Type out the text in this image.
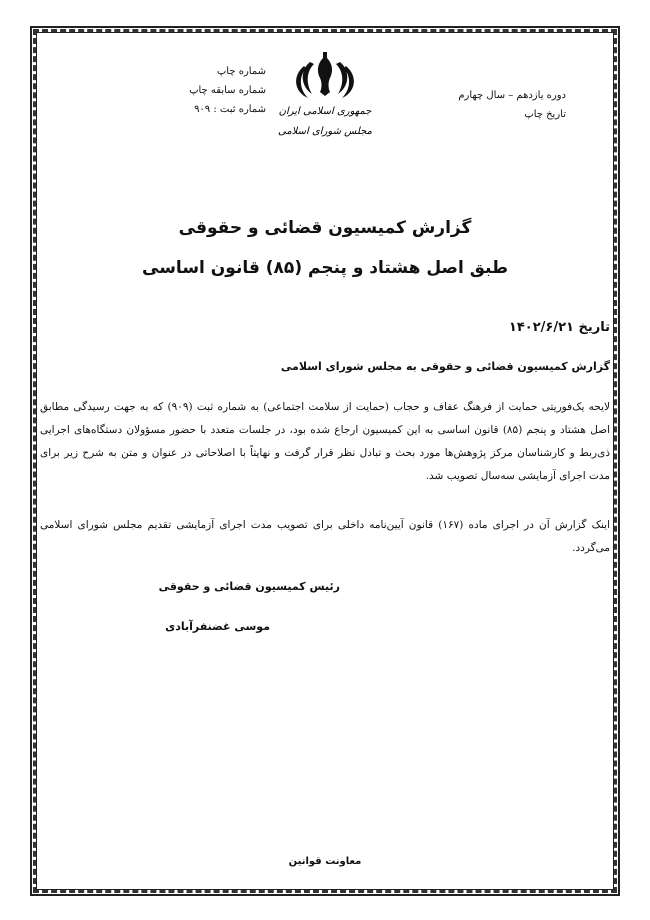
دوره یازدهم – سال چهارم
تاریخ چاپ
شماره چاپ
شماره سابقه چاپ
شماره ثبت : ۹۰۹ جمهوری اسلامی ایران
مجلس شورای اسلامی
گزارش کمیسیون قضائی و حقوقی
طبق اصل هشتاد و پنجم (۸۵) قانون اساسی
تاریخ ۱۴۰۲/۶/۲۱
گزارش کمیسیون قضائی و حقوقی به مجلس شورای اسلامی
لایحه یک‌فوریتی حمایت از فرهنگ عفاف و حجاب (حمایت از سلامت اجتماعی) به شماره ثبت (۹۰۹) که به جهت رسیدگی مطابق اصل هشتاد و پنجم (۸۵) قانون اساسی به این کمیسیون ارجاع شده بود، در جلسات متعدد با حضور مسؤولان دستگاه‌های اجرایی ذی‌ربط و کارشناسان مرکز پژوهش‌ها مورد بحث و تبادل نظر قرار گرفت و نهایتاً با اصلاحاتی در عنوان و متن به شرح زیر برای مدت اجرای آزمایشی سه‌سال تصویب شد.
اینک گزارش آن در اجرای ماده (۱۶۷) قانون آیین‌نامه داخلی برای تصویب مدت اجرای آزمایشی تقدیم مجلس شورای اسلامی می‌گردد.
رئیس کمیسیون قضائی و حقوقی
موسی غضنفرآبادی
معاونت قوانین
